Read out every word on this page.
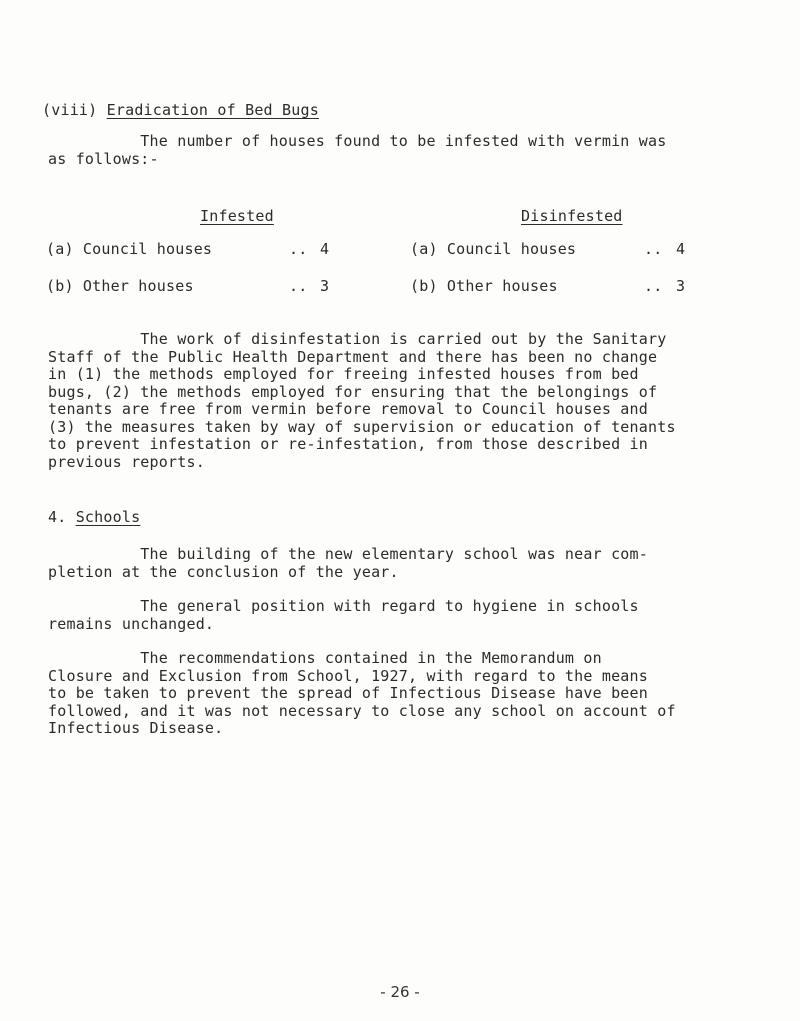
(viii) Eradication of Bed Bugs
The number of houses found to be infested with vermin was
as follows:-
Infested
(a) Council houses	.. 4
(b) Other houses	.. 3
Disinfested
(a) Council houses	.. 4
(b) Other houses	.. 3
The work of disinfestation is carried out by the Sanitary
Staff of the Public Health Department and there has been no change
in (1) the methods employed for freeing infested houses from bed
bugs, (2) the methods employed for ensuring that the belongings of
tenants are free from vermin before removal to Council houses and
(3) the measures taken by way of supervision or education of tenants
to prevent infestation or re-infestation, from those described in
previous reports.
4. Schools
The building of the new elementary school was near com-
pletion at the conclusion of the year.
The general position with regard to hygiene in schools
remains unchanged.
The recommendations contained in the Memorandum on
Closure and Exclusion from School, 1927, with regard to the means
to be taken to prevent the spread of Infectious Disease have been
followed, and it was not necessary to close any school on account of
Infectious Disease.
- 26 -
